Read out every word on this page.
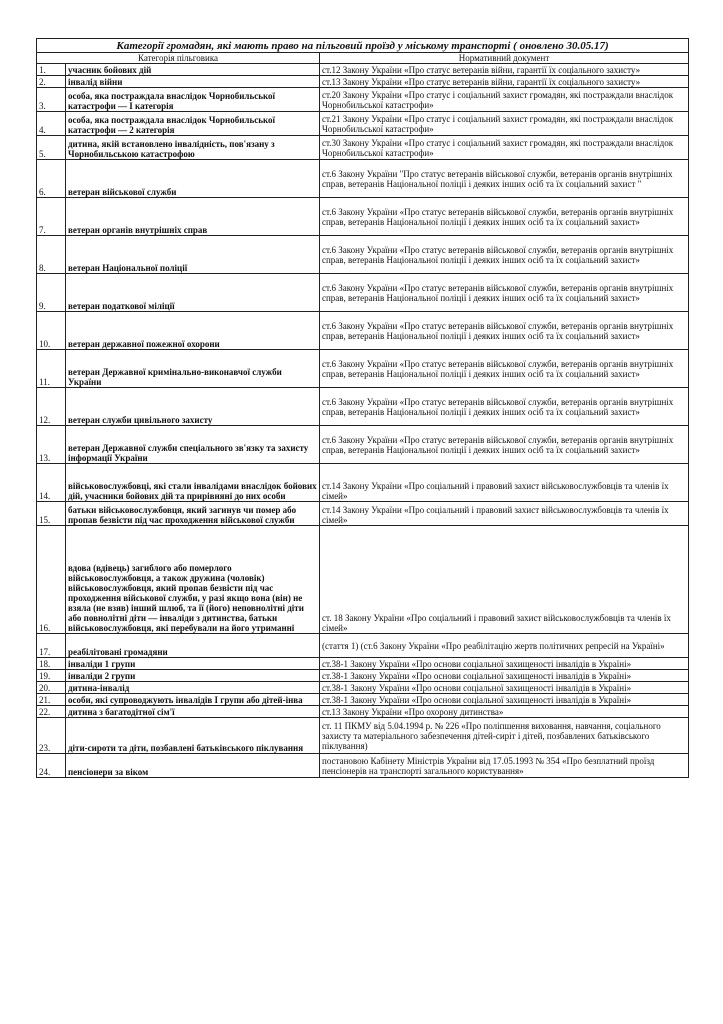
Категорії громадян, які мають право на пільговий проїзд у міському транспорті ( оновлено 30.05.17)		
Категорія пільговика		Нормативний документ
1.	учасник бойових дій	ст.12 Закону України «Про статус ветеранів війни, гарантії їх соціального захисту»
2.	інвалід війни	ст.13 Закону України «Про статус ветеранів війни, гарантії їх соціального захисту»
3.	особа, яка постраждала внаслідок Чорнобильської катастрофи — І категорія	ст.20 Закону України «Про статус і соціальний захист громадян, які постраждали внаслідок Чорнобильської катастрофи»
4.	особа, яка постраждала внаслідок Чорнобильської катастрофи — 2 категорія	ст.21 Закону України «Про статус і соціальний захист громадян, які постраждали внаслідок Чорнобильської катастрофи»
5.	дитина, якій встановлено інвалідність, пов'язану з Чорнобильською катастрофою	ст.30 Закону України «Про статус і соціальний захист громадян, які постраждали внаслідок Чорнобильської катастрофи»
6.	ветеран військової служби	ст.6 Закону України "Про статус ветеранів військової служби, ветеранів органів внутрішніх справ, ветеранів Національної поліції і деяких інших осіб та їх соціальний захист "
7.	ветеран органів внутрішніх справ	ст.6 Закону України «Про статус ветеранів військової служби, ветеранів органів внутрішніх справ, ветеранів Національної поліції і деяких інших осіб та їх соціальний захист»
8.	ветеран Національної поліції	ст.6 Закону України «Про статус ветеранів військової служби, ветеранів органів внутрішніх справ, ветеранів Національної поліції і деяких інших осіб та їх соціальний захист»
9.	ветеран податкової міліції	ст.6 Закону України «Про статус ветеранів військової служби, ветеранів органів внутрішніх справ, ветеранів Національної поліції і деяких інших осіб та їх соціальний захист»
10.	ветеран державної пожежної охорони	ст.6 Закону України «Про статус ветеранів військової служби, ветеранів органів внутрішніх справ, ветеранів Національної поліції і деяких інших осіб та їх соціальний захист»
11.	ветеран Державної кримінально-виконавчої служби України	ст.6 Закону України «Про статус ветеранів військової служби, ветеранів органів внутрішніх справ, ветеранів Національної поліції і деяких інших осіб та їх соціальний захист»
12.	ветеран служби цивільного захисту	ст.6 Закону України «Про статус ветеранів військової служби, ветеранів органів внутрішніх справ, ветеранів Національної поліції і деяких інших осіб та їх соціальний захист»
13.	ветеран Державної служби спеціального зв'язку та захисту інформації України	ст.6 Закону України «Про статус ветеранів військової служби, ветеранів органів внутрішніх справ, ветеранів Національної поліції і деяких інших осіб та їх соціальний захист»
14.	військовослужбовці, які стали інвалідами внаслідок бойових дій, учасники бойових дій та прирівняні до них особи	ст.14 Закону України «Про соціальний і правовий захист військовослужбовців та членів їх сімей»
15.	батьки військовослужбовця, який загинув чи помер або пропав безвісти під час проходження військової служби	ст.14 Закону України «Про соціальний і правовий захист військовослужбовців та членів їх сімей»
16.	вдова (вдівець) загиблого або померлого військовослужбовця, а також дружина (чоловік) військовослужбовця, який пропав безвісти під час проходження військової служби, у разі якщо вона (він) не взяла (не взяв) інший шлюб, та її (його) неповнолітні діти або повнолітні діти — інваліди з дитинства, батьки військовослужбовця, які перебували на його утриманні	ст. 18 Закону України «Про соціальний і правовий захист військовослужбовців та членів їх сімей»
17.	реабілітовані громадяни	(стаття 1) (ст.6 Закону України «Про реабілітацію жертв політичних репресій на Україні»
18.	інваліди 1 групи	ст.38-1 Закону України «Про основи соціальної захищеності інвалідів в Україні»
19.	інваліди 2 групи	ст.38-1 Закону України «Про основи соціальної захищеності інвалідів в Україні»
20.	дитина-інвалід	ст.38-1 Закону України «Про основи соціальної захищеності інвалідів в Україні»
21.	особи, які супроводжують інвалідів І групи або дітей-інва	ст.38-1 Закону України «Про основи соціальної захищеності інвалідів в Україні»
22.	дитина з багатодітної сім'ї	ст.13 Закону України «Про охорону дитинства»
23.	діти-сироти та діти, позбавлені батьківського піклування	ст. 11 ПКМУ від 5.04.1994 р. № 226 «Про поліпшення виховання, навчання, соціального захисту та матеріального забезпечення дітей-сиріт і дітей, позбавлених батьківського піклування)
24.	пенсіонери за віком	постановою Кабінету Міністрів України від 17.05.1993 № 354 «Про безплатний проїзд пенсіонерів на транспорті загального користування»
